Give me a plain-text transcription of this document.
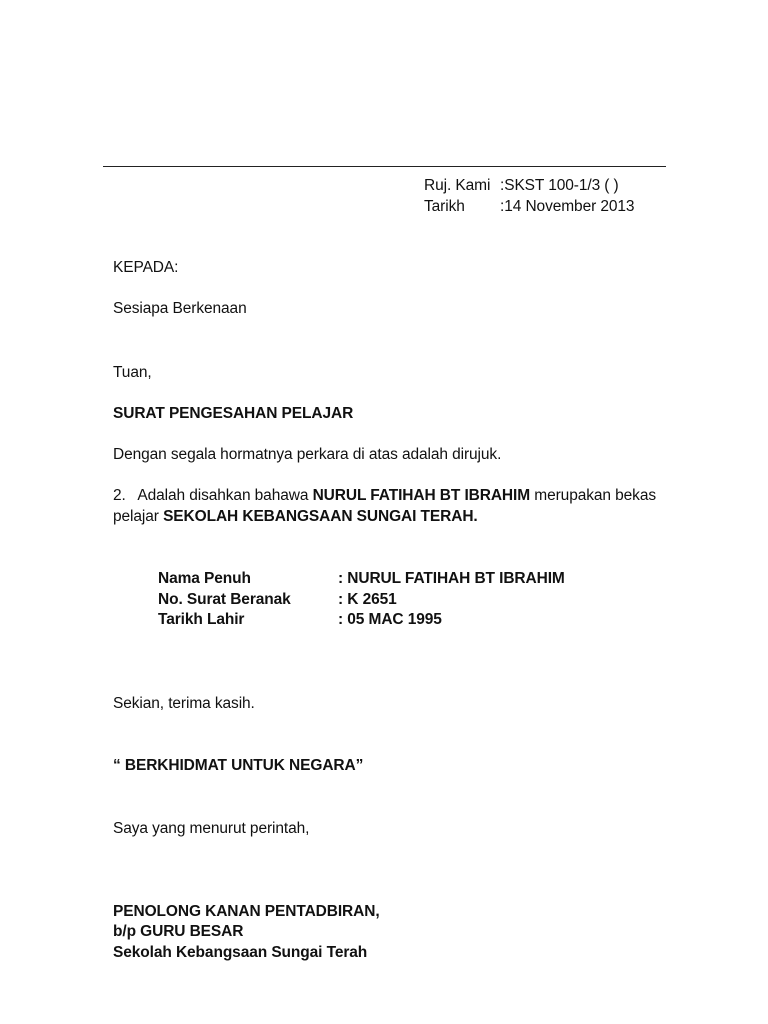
Ruj. Kami :SKST 100-1/3 ( )
Tarikh :14 November 2013
KEPADA:
Sesiapa Berkenaan
Tuan,
SURAT PENGESAHAN PELAJAR
Dengan segala hormatnya perkara di atas adalah dirujuk.
2. Adalah disahkan bahawa NURUL FATIHAH BT IBRAHIM merupakan bekas
pelajar SEKOLAH KEBANGSAAN SUNGAI TERAH.
Nama Penuh	: NURUL FATIHAH BT IBRAHIM
No. Surat Beranak	: K 2651
Tarikh Lahir	: 05 MAC 1995
Sekian, terima kasih.
“ BERKHIDMAT UNTUK NEGARA”
Saya yang menurut perintah,
PENOLONG KANAN PENTADBIRAN,
b/p GURU BESAR
Sekolah Kebangsaan Sungai Terah
